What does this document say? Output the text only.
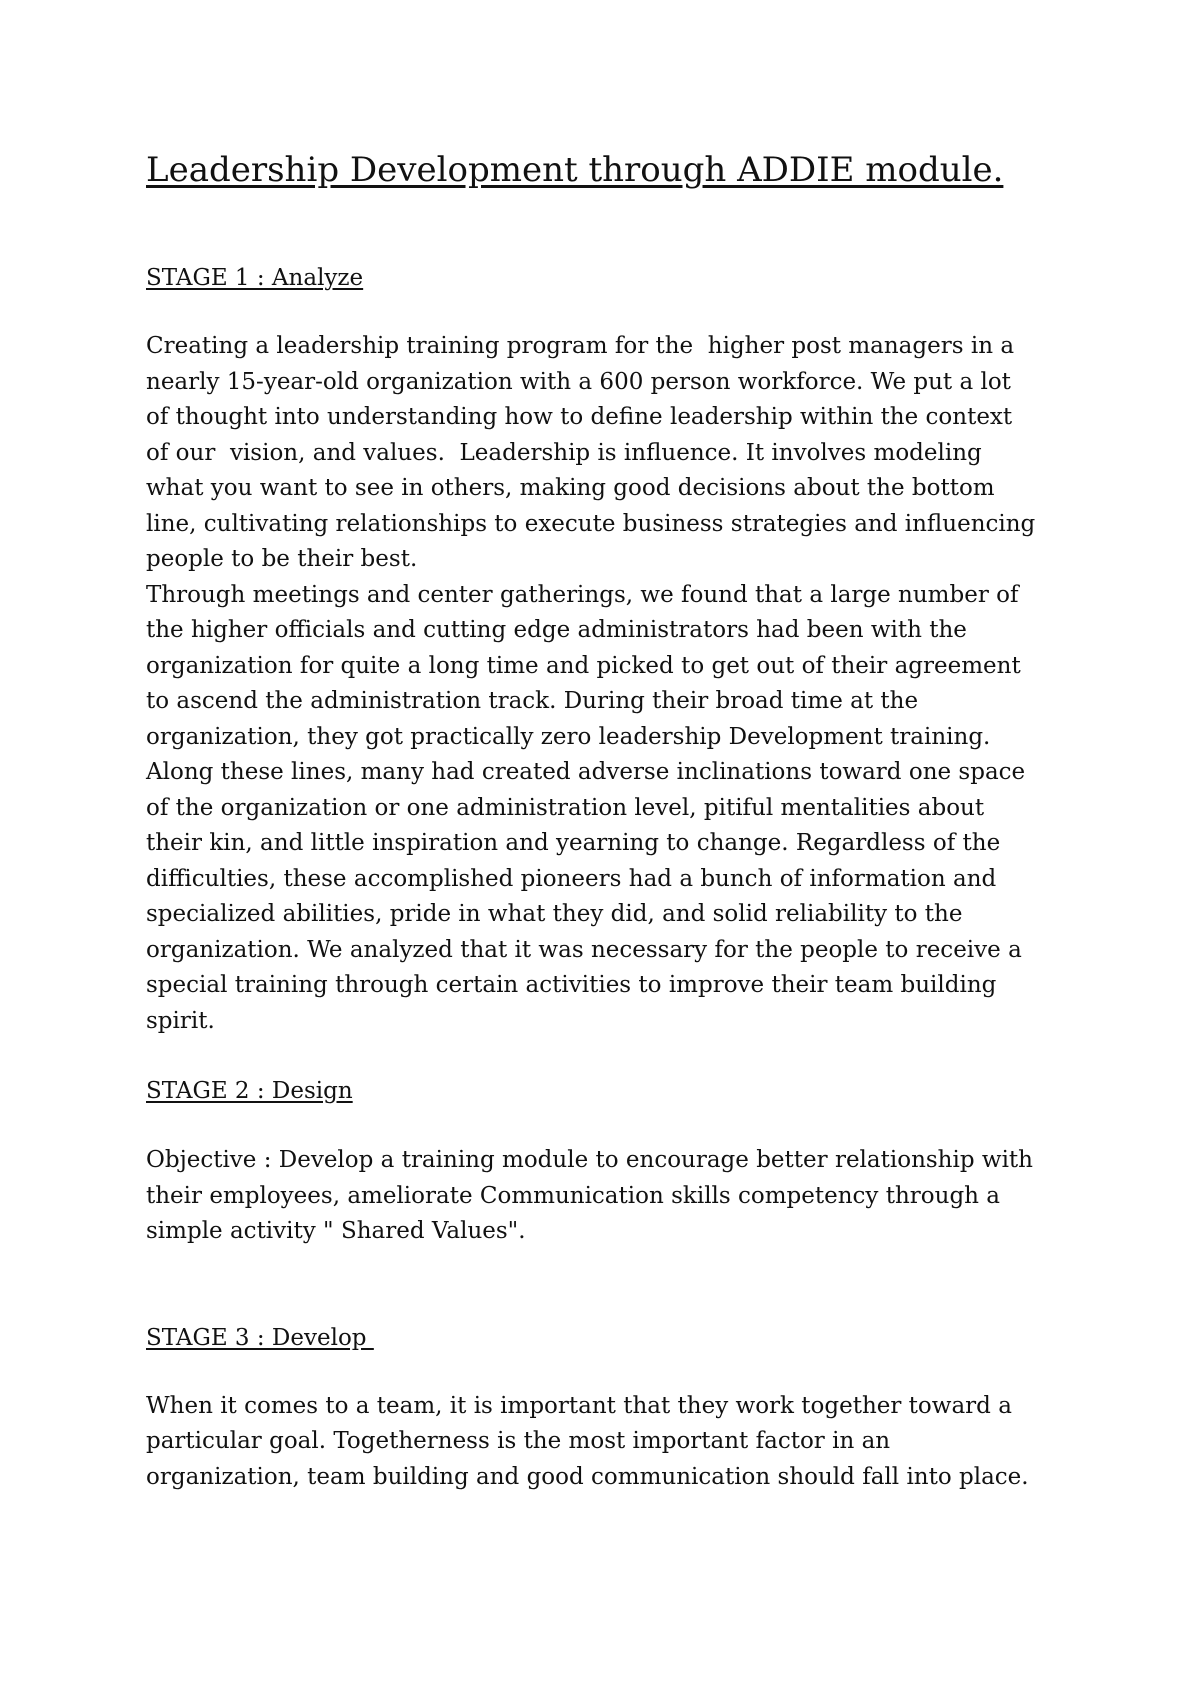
Leadership Development through ADDIE module.
STAGE 1 : Analyze
Creating a leadership training program for the  higher post managers in a
nearly 15-year-old organization with a 600 person workforce. We put a lot
of thought into understanding how to define leadership within the context
of our  vision, and values.  Leadership is influence. It involves modeling
what you want to see in others, making good decisions about the bottom
line, cultivating relationships to execute business strategies and influencing
people to be their best.
Through meetings and center gatherings, we found that a large number of
the higher officials and cutting edge administrators had been with the
organization for quite a long time and picked to get out of their agreement
to ascend the administration track. During their broad time at the
organization, they got practically zero leadership Development training.
Along these lines, many had created adverse inclinations toward one space
of the organization or one administration level, pitiful mentalities about
their kin, and little inspiration and yearning to change. Regardless of the
difficulties, these accomplished pioneers had a bunch of information and
specialized abilities, pride in what they did, and solid reliability to the
organization. We analyzed that it was necessary for the people to receive a
special training through certain activities to improve their team building
spirit.
STAGE 2 : Design
Objective : Develop a training module to encourage better relationship with
their employees, ameliorate Communication skills competency through a
simple activity " Shared Values".
STAGE 3 : Develop
When it comes to a team, it is important that they work together toward a
particular goal. Togetherness is the most important factor in an
organization, team building and good communication should fall into place.
